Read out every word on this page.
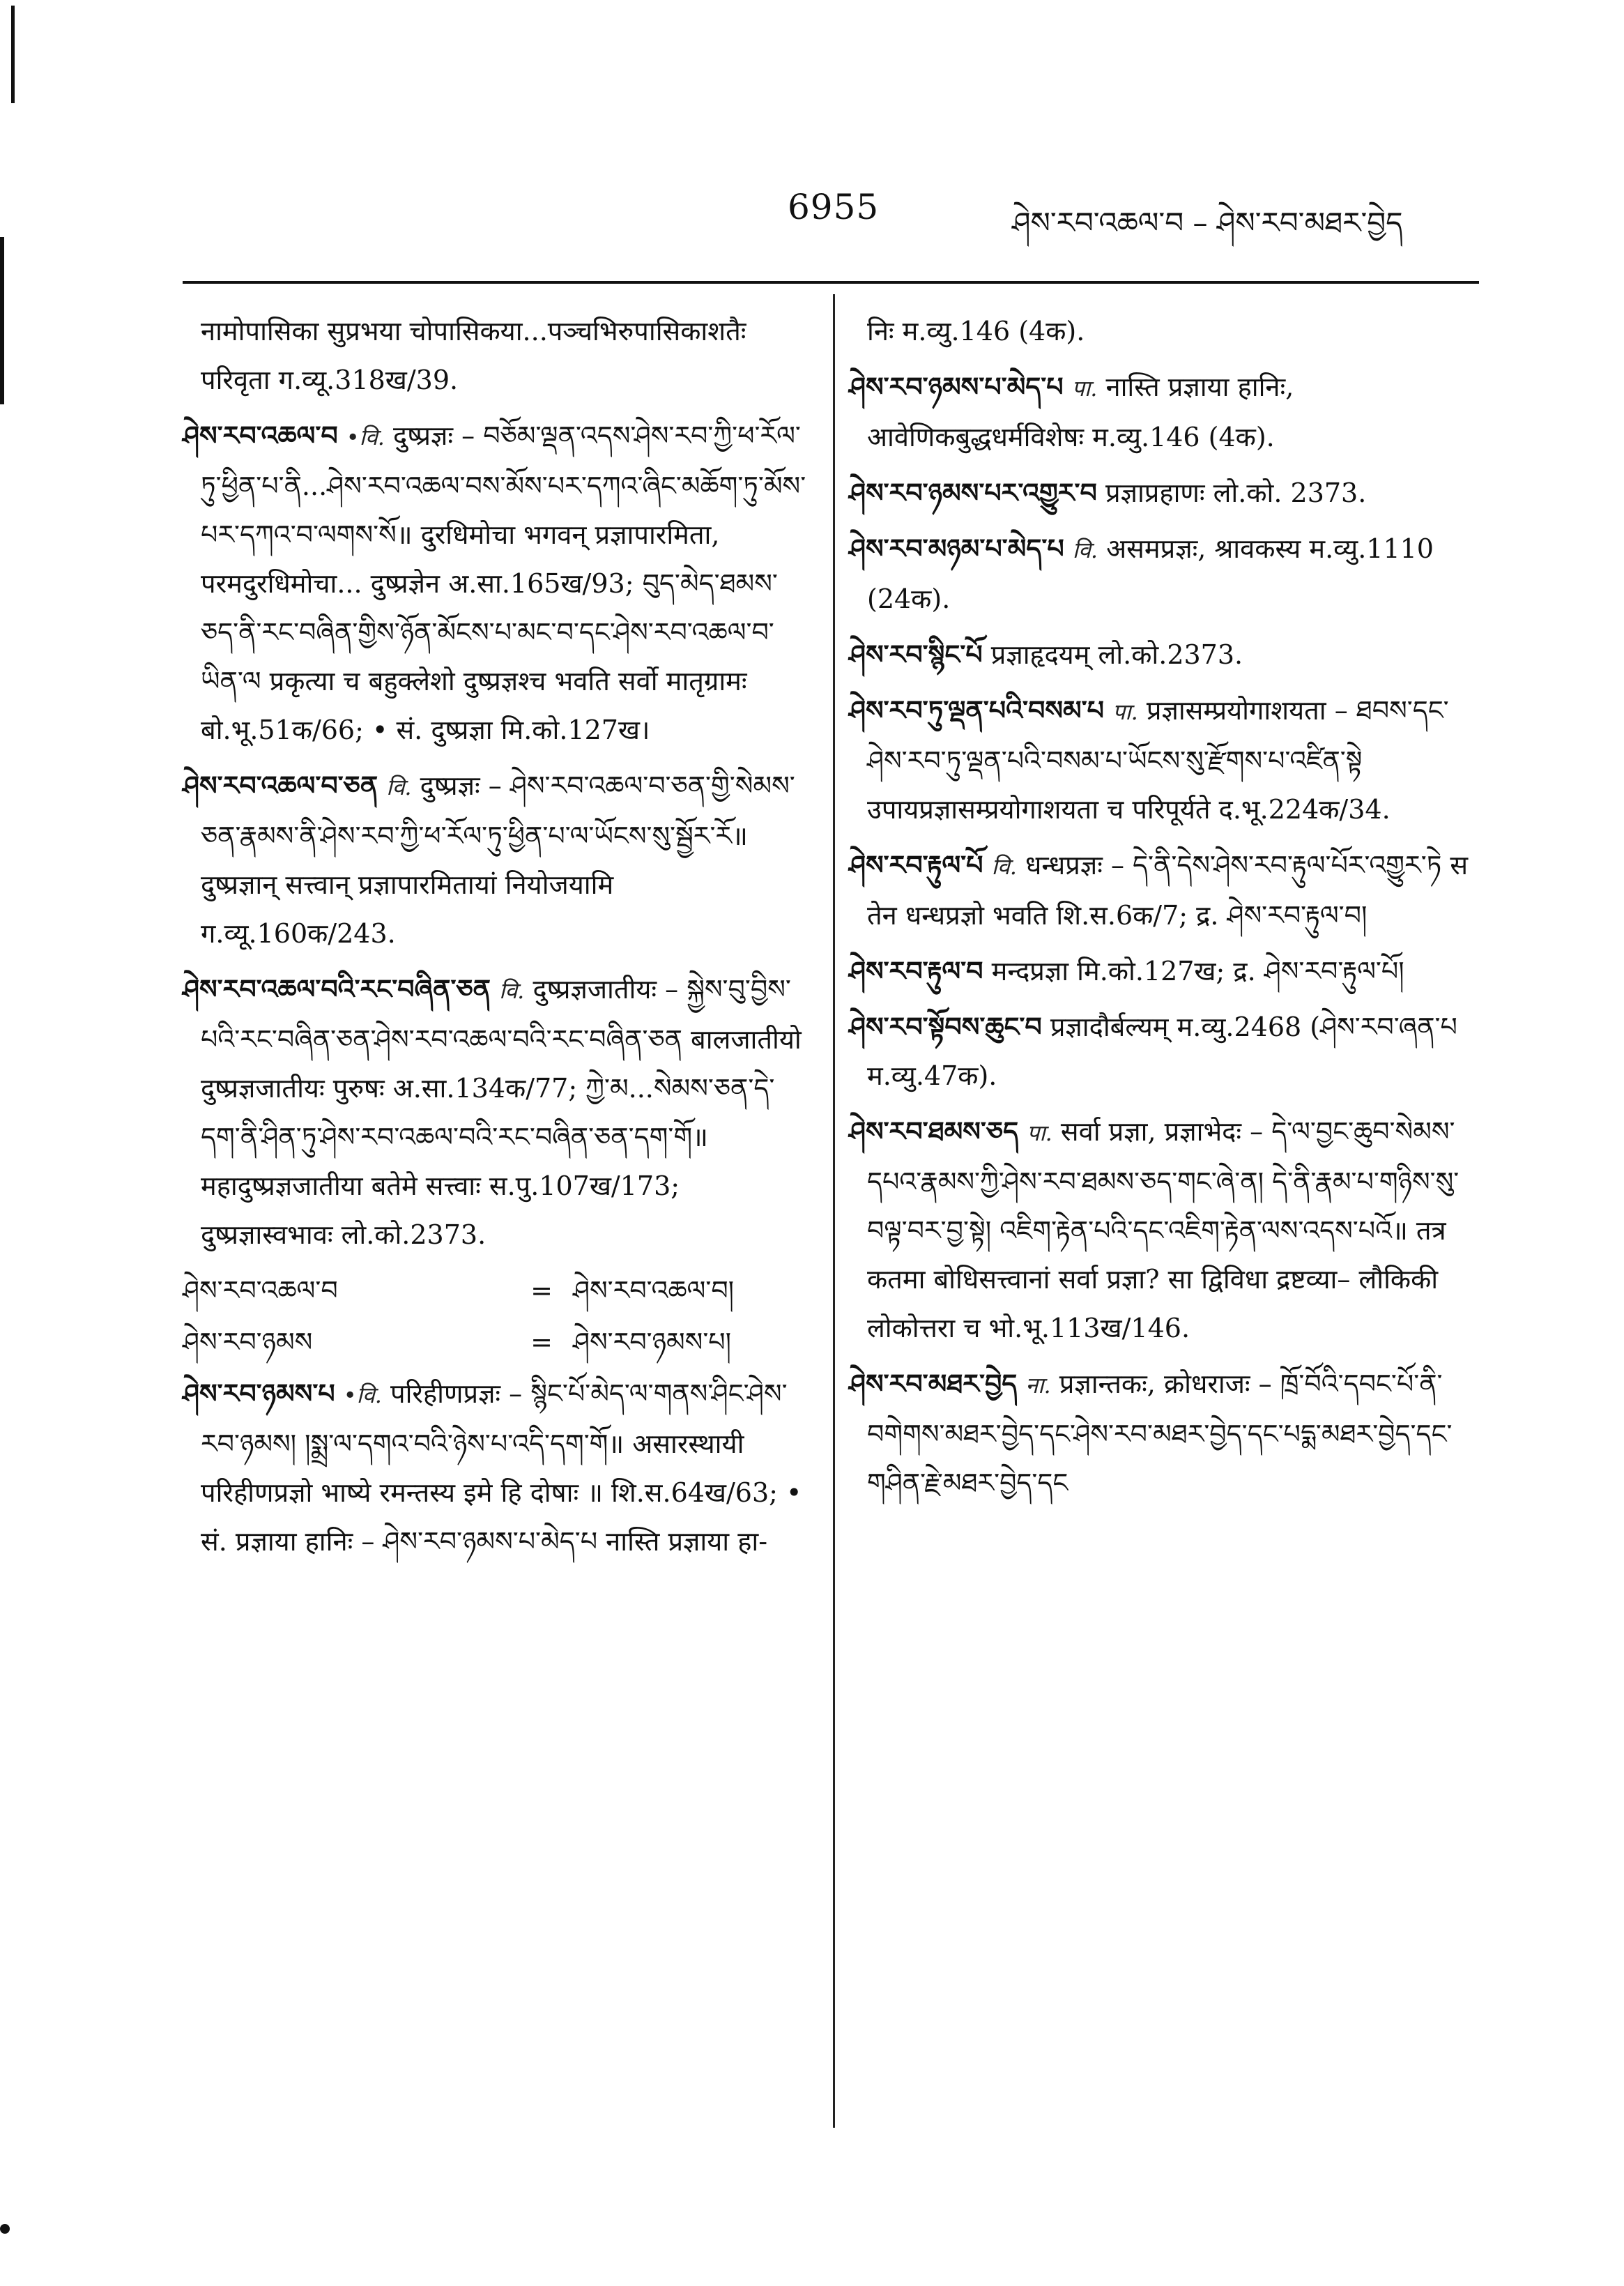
6955	ཤེས་རབ་འཆལ་བ – ཤེས་རབ་མཐར་བྱེད

नामोपासिका सुप्रभया चोपासिकया...पञ्चभिरुपासिकाशतैः परिवृता ग.व्यू.318ख/39.

ཤེས་རབ་འཆལ་བ •वि. दुष्प्रज्ञः – བཅོམ་ལྡན་འདས་ཤེས་རབ་ཀྱི་ཕ་རོལ་ཏུ་ཕྱིན་པ་ནི...ཤེས་རབ་འཆལ་བས་མོས་པར་དཀའ་ཞིང་མཆོག་ཏུ་མོས་པར་དཀའ་བ་ལགས་སོ॥ दुरधिमोचा भगवन् प्रज्ञापारमिता, परमदुरधिमोचा... दुष्प्रज्ञेन अ.सा.165ख/93; བུད་མེད་ཐམས་ཅད་ནི་རང་བཞིན་གྱིས་ཉོན་མོངས་པ་མང་བ་དང་ཤེས་རབ་འཆལ་བ་ཡིན་ལ प्रकृत्या च बहुक्लेशो दुष्प्रज्ञश्च भवति सर्वो मातृग्रामः बो.भू.51क/66; • सं. दुष्प्रज्ञा मि.को.127ख।

ཤེས་རབ་འཆལ་བ་ཅན वि. दुष्प्रज्ञः – ཤེས་རབ་འཆལ་བ་ཅན་གྱི་སེམས་ཅན་རྣམས་ནི་ཤེས་རབ་ཀྱི་ཕ་རོལ་ཏུ་ཕྱིན་པ་ལ་ཡོངས་སུ་སྦྱོར་རོ॥ दुष्प्रज्ञान् सत्त्वान् प्रज्ञापारमितायां नियोजयामि ग.व्यू.160क/243.

ཤེས་རབ་འཆལ་བའི་རང་བཞིན་ཅན वि. दुष्प्रज्ञजातीयः – སྐྱེས་བུ་བྱིས་པའི་རང་བཞིན་ཅན་ཤེས་རབ་འཆལ་བའི་རང་བཞིན་ཅན बालजातीयो दुष्प्रज्ञजातीयः पुरुषः अ.सा.134क/77; ཀྱེ་མ...སེམས་ཅན་དེ་དག་ནི་ཤིན་ཏུ་ཤེས་རབ་འཆལ་བའི་རང་བཞིན་ཅན་དག་གོ॥ महादुष्प्रज्ञजातीया बतेमे सत्त्वाः स.पु.107ख/173; दुष्प्रज्ञास्वभावः लो.को.2373.

ཤེས་རབ་འཆལ་བ	= ཤེས་རབ་འཆལ་བ།
ཤེས་རབ་ཉམས	= ཤེས་རབ་ཉམས་པ།

ཤེས་རབ་ཉམས་པ •वि. परिहीणप्रज्ञः – སྙིང་པོ་མེད་ལ་གནས་ཤིང་ཤེས་རབ་ཉམས། །སྨྲ་ལ་དགའ་བའི་ཉེས་པ་འདི་དག་གོ॥ असारस्थायी परिहीणप्रज्ञो भाष्ये रमन्तस्य इमे हि दोषाः ॥ शि.स.64ख/63; • सं. प्रज्ञाया हानिः – ཤེས་རབ་ཉམས་པ་མེད་པ नास्ति प्रज्ञाया हा-

निः म.व्यु.146 (4क).

ཤེས་རབ་ཉམས་པ་མེད་པ पा. नास्ति प्रज्ञाया हानिः, आवेणिकबुद्धधर्मविशेषः म.व्यु.146 (4क).

ཤེས་རབ་ཉམས་པར་འགྱུར་བ प्रज्ञाप्रहाणः लो.को. 2373.

ཤེས་རབ་མཉམ་པ་མེད་པ वि. असमप्रज्ञः, श्रावकस्य म.व्यु.1110 (24क).

ཤེས་རབ་སྙིང་པོ प्रज्ञाहृदयम् लो.को.2373.

ཤེས་རབ་ཏུ་ལྡན་པའི་བསམ་པ पा. प्रज्ञासम्प्रयोगाशयता – ཐབས་དང་ཤེས་རབ་ཏུ་ལྡན་པའི་བསམ་པ་ཡོངས་སུ་རྫོགས་པ་འཛིན་སྟེ उपायप्रज्ञासम्प्रयोगाशयता च परिपूर्यते द.भू.224क/34.

ཤེས་རབ་རྟུལ་པོ वि. धन्धप्रज्ञः – དེ་ནི་དེས་ཤེས་རབ་རྟུལ་པོར་འགྱུར་ཏེ स तेन धन्धप्रज्ञो भवति शि.स.6क/7; द्र. ཤེས་རབ་རྟུལ་བ།

ཤེས་རབ་རྟུལ་བ मन्दप्रज्ञा मि.को.127ख; द्र. ཤེས་རབ་རྟུལ་པོ།

ཤེས་རབ་སྟོབས་ཆུང་བ प्रज्ञादौर्बल्यम् म.व्यु.2468 (ཤེས་རབ་ཞན་པ म.व्यु.47क).

ཤེས་རབ་ཐམས་ཅད पा. सर्वा प्रज्ञा, प्रज्ञाभेदः – དེ་ལ་བྱང་ཆུབ་སེམས་དཔའ་རྣམས་ཀྱི་ཤེས་རབ་ཐམས་ཅད་གང་ཞེ་ན། དེ་ནི་རྣམ་པ་གཉིས་སུ་བལྟ་བར་བྱ་སྟེ། འཇིག་རྟེན་པའི་དང་འཇིག་རྟེན་ལས་འདས་པའོ॥ तत्र कतमा बोधिसत्त्वानां सर्वा प्रज्ञा? सा द्विविधा द्रष्टव्या– लौकिकी लोकोत्तरा च भो.भू.113ख/146.

ཤེས་རབ་མཐར་བྱེད ना. प्रज्ञान्तकः, क्रोधराजः – ཁྲོ་བོའི་དབང་པོ་ནི་བགེགས་མཐར་བྱེད་དང་ཤེས་རབ་མཐར་བྱེད་དང་པདྨ་མཐར་བྱེད་དང་གཤིན་རྗེ་མཐར་བྱེད་དང
